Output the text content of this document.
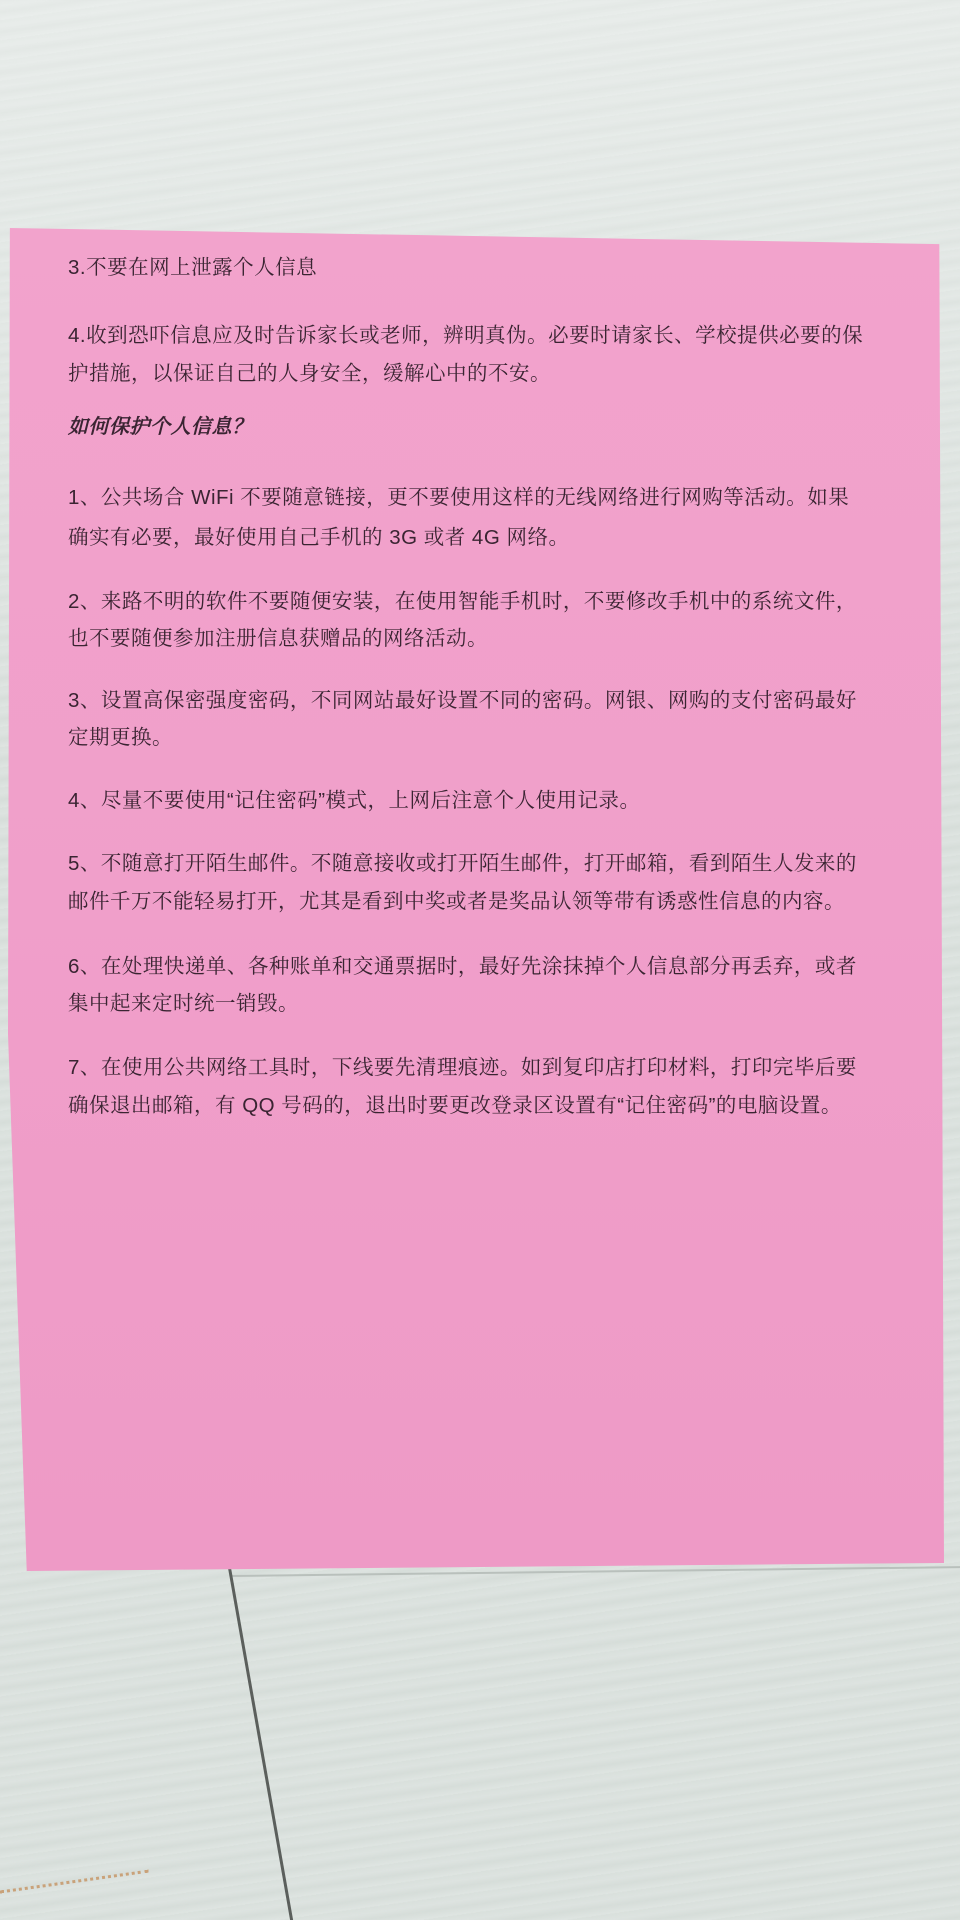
3.不要在网上泄露个人信息
4.收到恐吓信息应及时告诉家长或老师，辨明真伪。必要时请家长、学校提供必要的保
护措施，以保证自己的人身安全，缓解心中的不安。
如何保护个人信息？
1、公共场合 WiFi 不要随意链接，更不要使用这样的无线网络进行网购等活动。如果
确实有必要，最好使用自己手机的 3G 或者 4G 网络。
2、来路不明的软件不要随便安装，在使用智能手机时，不要修改手机中的系统文件，
也不要随便参加注册信息获赠品的网络活动。
3、设置高保密强度密码，不同网站最好设置不同的密码。网银、网购的支付密码最好
定期更换。
4、尽量不要使用“记住密码”模式，上网后注意个人使用记录。
5、不随意打开陌生邮件。不随意接收或打开陌生邮件，打开邮箱，看到陌生人发来的
邮件千万不能轻易打开，尤其是看到中奖或者是奖品认领等带有诱惑性信息的内容。
6、在处理快递单、各种账单和交通票据时，最好先涂抹掉个人信息部分再丢弃，或者
集中起来定时统一销毁。
7、在使用公共网络工具时，下线要先清理痕迹。如到复印店打印材料，打印完毕后要
确保退出邮箱，有 QQ 号码的，退出时要更改登录区设置有“记住密码”的电脑设置。
